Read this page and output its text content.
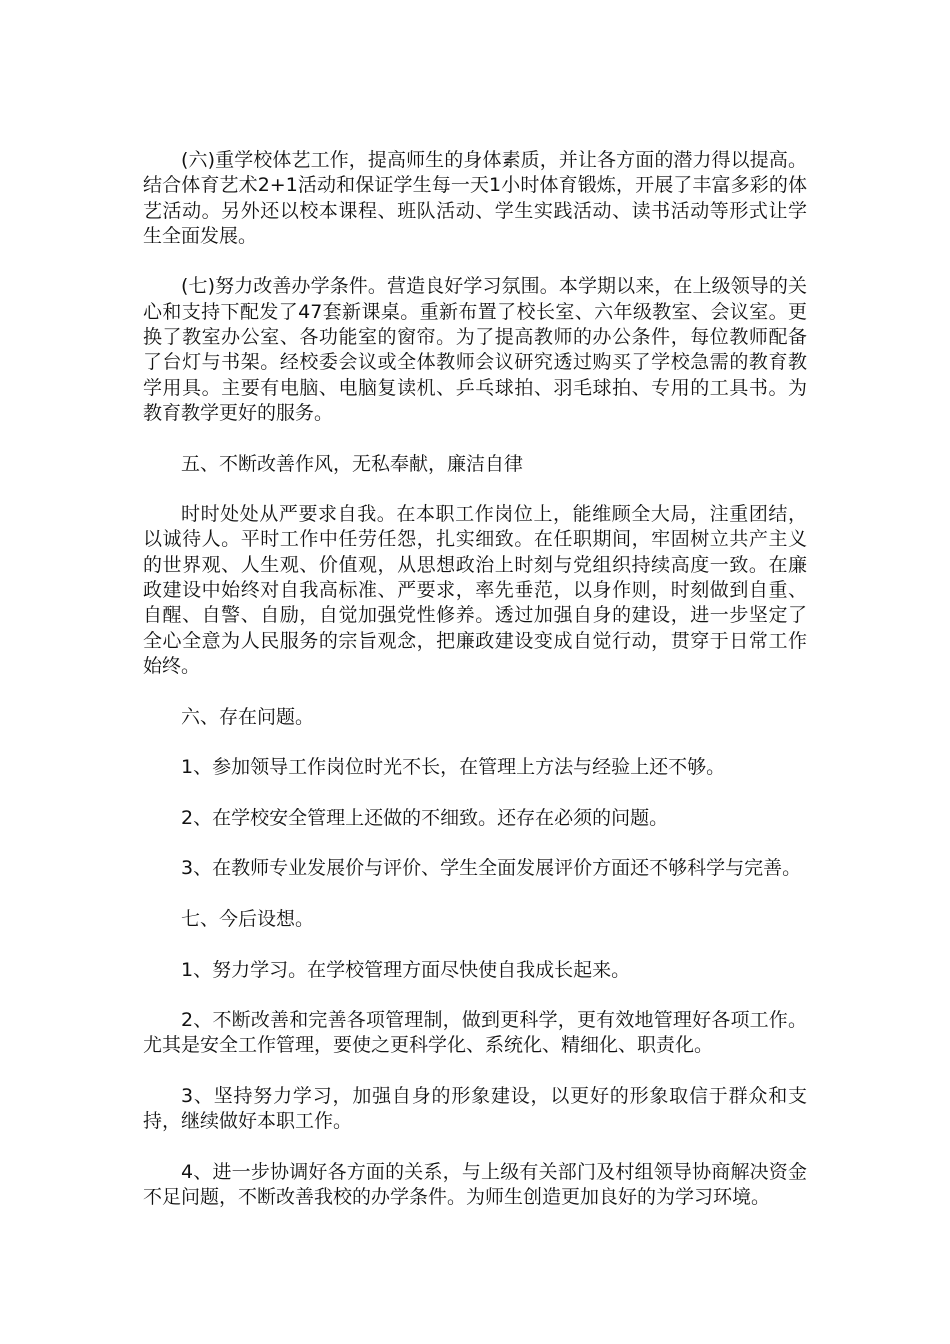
(六)重学校体艺工作，提高师生的身体素质，并让各方面的潜力得以提高。结合体育艺术2+1活动和保证学生每一天1小时体育锻炼，开展了丰富多彩的体艺活动。另外还以校本课程、班队活动、学生实践活动、读书活动等形式让学生全面发展。

(七)努力改善办学条件。营造良好学习氛围。本学期以来，在上级领导的关心和支持下配发了47套新课桌。重新布置了校长室、六年级教室、会议室。更换了教室办公室、各功能室的窗帘。为了提高教师的办公条件，每位教师配备了台灯与书架。经校委会议或全体教师会议研究透过购买了学校急需的教育教学用具。主要有电脑、电脑复读机、乒乓球拍、羽毛球拍、专用的工具书。为教育教学更好的服务。

五、不断改善作风，无私奉献，廉洁自律

时时处处从严要求自我。在本职工作岗位上，能维顾全大局，注重团结，以诚待人。平时工作中任劳任怨，扎实细致。在任职期间，牢固树立共产主义的世界观、人生观、价值观，从思想政治上时刻与党组织持续高度一致。在廉政建设中始终对自我高标准、严要求，率先垂范，以身作则，时刻做到自重、自醒、自警、自励，自觉加强党性修养。透过加强自身的建设，进一步坚定了全心全意为人民服务的宗旨观念，把廉政建设变成自觉行动，贯穿于日常工作始终。

六、存在问题。

1、参加领导工作岗位时光不长，在管理上方法与经验上还不够。

2、在学校安全管理上还做的不细致。还存在必须的问题。

3、在教师专业发展价与评价、学生全面发展评价方面还不够科学与完善。

七、今后设想。

1、努力学习。在学校管理方面尽快使自我成长起来。

2、不断改善和完善各项管理制，做到更科学，更有效地管理好各项工作。尤其是安全工作管理，要使之更科学化、系统化、精细化、职责化。

3、坚持努力学习，加强自身的形象建设，以更好的形象取信于群众和支持，继续做好本职工作。

4、进一步协调好各方面的关系，与上级有关部门及村组领导协商解决资金不足问题，不断改善我校的办学条件。为师生创造更加良好的为学习环境。
